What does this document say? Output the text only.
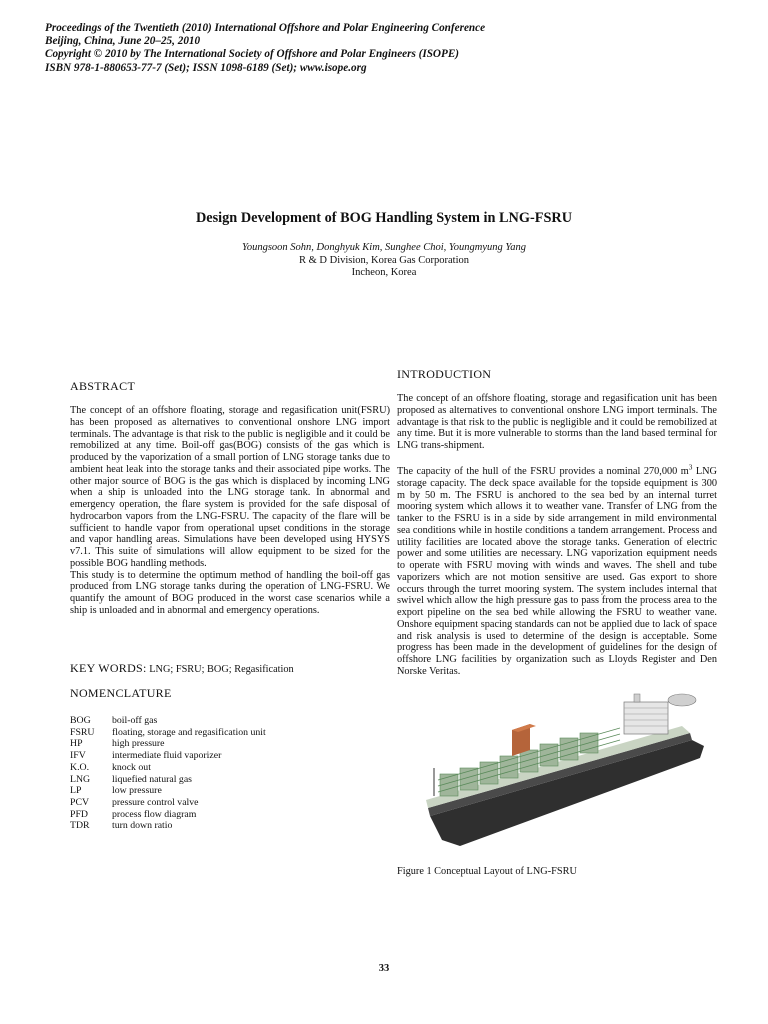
Proceedings of the Twentieth (2010) International Offshore and Polar Engineering Conference
Beijing, China, June 20–25, 2010
Copyright © 2010 by The International Society of Offshore and Polar Engineers (ISOPE)
ISBN 978-1-880653-77-7 (Set); ISSN 1098-6189 (Set); www.isope.org
Design Development of BOG Handling System in LNG-FSRU
Youngsoon Sohn, Donghyuk Kim, Sunghee Choi, Youngmyung Yang
R & D Division, Korea Gas Corporation
Incheon, Korea
ABSTRACT

The concept of an offshore floating, storage and regasification unit(FSRU) has been proposed as alternatives to conventional onshore LNG import terminals. The advantage is that risk to the public is negligible and it could be remobilized at any time. Boil-off gas(BOG) consists of the gas which is produced by the vaporization of a small portion of LNG storage tanks due to ambient heat leak into the storage tanks and their associated pipe works. The other major source of BOG is the gas which is displaced by incoming LNG when a ship is unloaded into the LNG storage tank. In abnormal and emergency operation, the flare system is provided for the safe disposal of hydrocarbon vapors from the LNG-FSRU. The capacity of the flare will be sufficient to handle vapor from operational upset conditions in the storage and vapor handling areas. Simulations have been developed using HYSYS v7.1. This suite of simulations will allow equipment to be sized for the possible BOG handling methods.

This study is to determine the optimum method of handling the boil-off gas produced from LNG storage tanks during the operation of LNG-FSRU. We quantify the amount of BOG produced in the worst case scenarios while a ship is unloaded and in abnormal and emergency operations.

KEY WORDS: LNG; FSRU; BOG; Regasification
NOMENCLATURE
BOG	boil-off gas
FSRU	floating, storage and regasification unit
HP	high pressure
IFV	intermediate fluid vaporizer
K.O.	knock out
LNG	liquefied natural gas
LP	low pressure
PCV	pressure control valve
PFD	process flow diagram
TDR	turn down ratio
INTRODUCTION
The concept of an offshore floating, storage and regasification unit has been proposed as alternatives to conventional onshore LNG import terminals. The advantage is that risk to the public is negligible and it could be remobilized at any time. But it is more vulnerable to storms than the land based terminal for LNG trans-shipment.
The capacity of the hull of the FSRU provides a nominal 270,000 $m^3$ LNG storage capacity. The deck space available for the topside equipment is 300 m by 50 m. The FSRU is anchored to the sea bed by an internal turret mooring system which allows it to weather vane. Transfer of LNG from the tanker to the FSRU is in a side by side arrangement in mild environmental sea conditions while in hostile conditions a tandem arrangement. Process and utility facilities are located above the storage tanks. Generation of electric power and some utilities are necessary. LNG vaporization equipment needs to operate with FSRU moving with winds and waves. The shell and tube vaporizers which are not motion sensitive are used. Gas export to shore occurs through the turret mooring system. The system includes internal that swivel which allow the high pressure gas to pass from the process area to the export pipeline on the sea bed while allowing the FSRU to weather vane. Onshore equipment spacing standards can not be applied due to lack of space and risk analysis is used to determine of the design is acceptable. Some progress has been made in the development of guidelines for the design of offshore LNG facilities by organization such as Lloyds Register and Den Norske Veritas.
Figure 1 Conceptual Layout of LNG-FSRU
33
